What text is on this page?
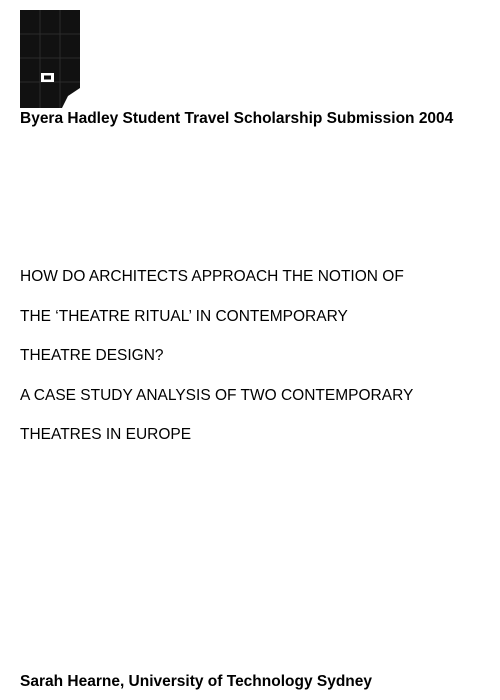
Byera Hadley Student Travel Scholarship Submission 2004
HOW DO ARCHITECTS APPROACH THE NOTION OF
THE ‘THEATRE RITUAL’ IN CONTEMPORARY
THEATRE DESIGN?
A CASE STUDY ANALYSIS OF TWO CONTEMPORARY
THEATRES IN EUROPE

Sarah Hearne, University of Technology Sydney
